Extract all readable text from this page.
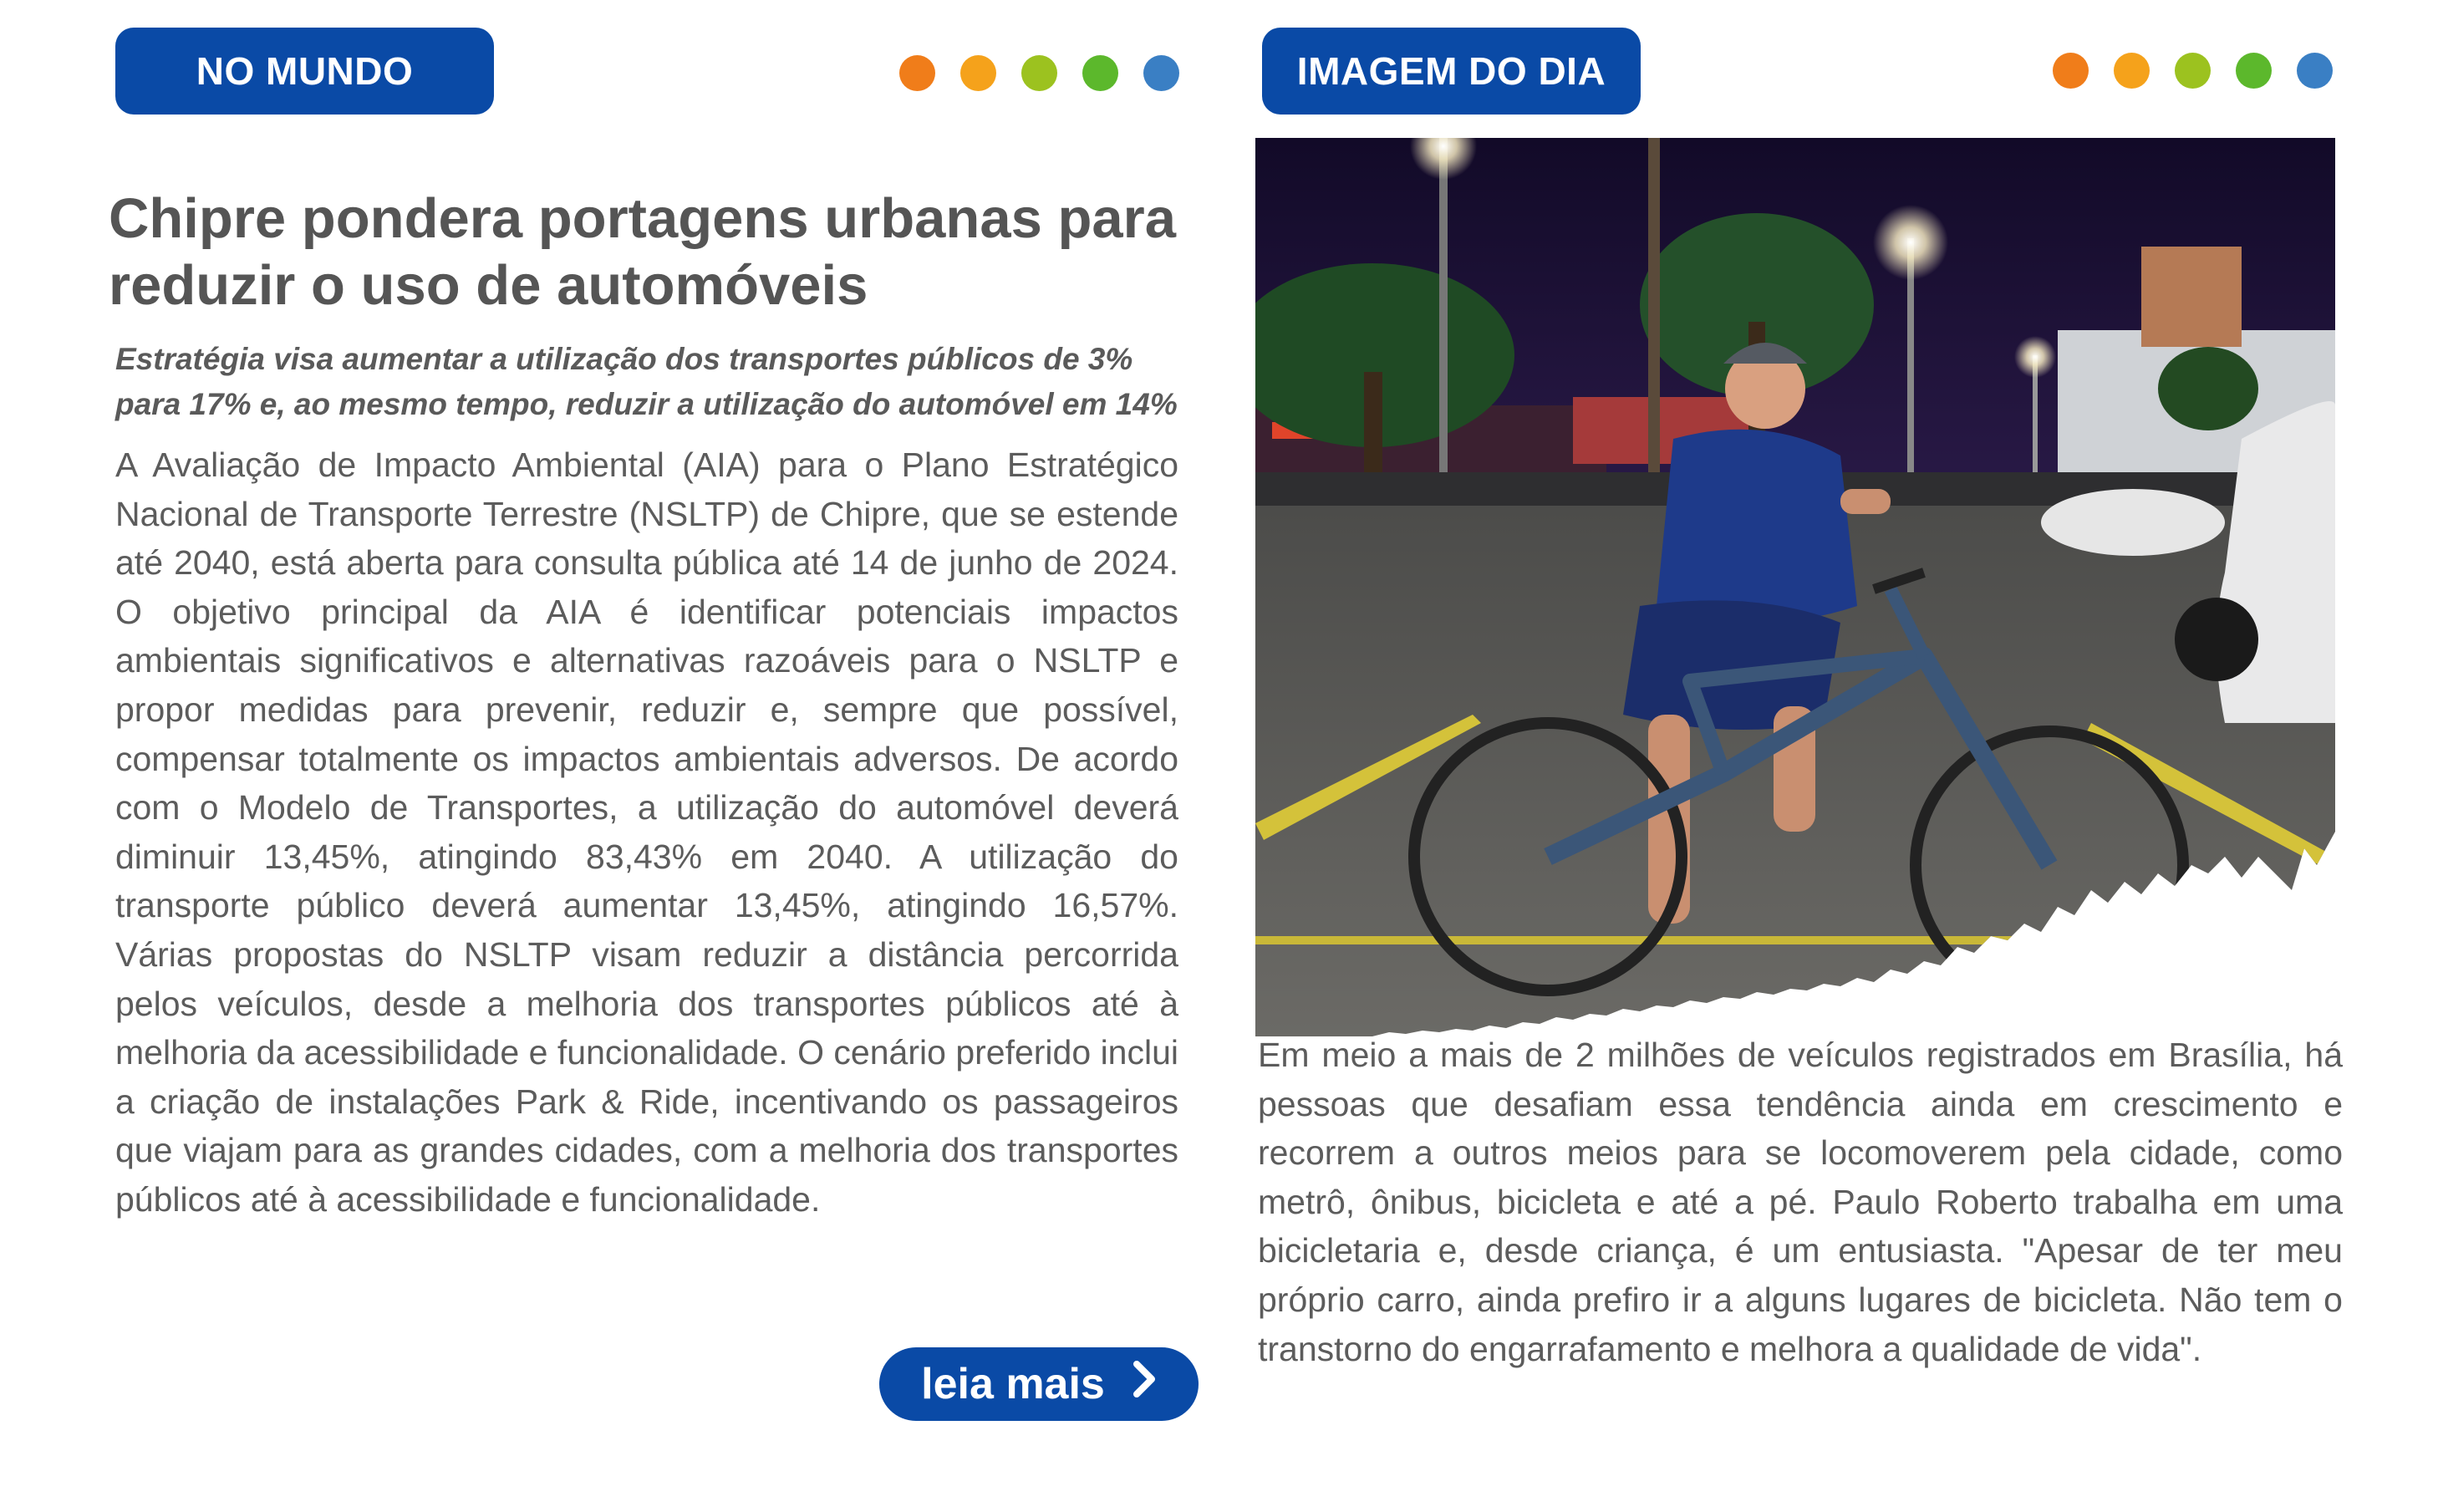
NO MUNDO
Chipre pondera portagens urbanas para reduzir o uso de automóveis

Estratégia visa aumentar a utilização dos transportes públicos de 3% para 17% e, ao mesmo tempo, reduzir a utilização do automóvel em 14%

A Avaliação de Impacto Ambiental (AIA) para o Plano Estratégico Nacional de Transporte Terrestre (NSLTP) de Chipre, que se estende até 2040, está aberta para consulta pública até 14 de junho de 2024. O objetivo principal da AIA é identificar potenciais impactos ambientais significativos e alternativas razoáveis para o NSLTP e propor medidas para prevenir, reduzir e, sempre que possível, compensar totalmente os impactos ambientais adversos. De acordo com o Modelo de Transportes, a utilização do automóvel deverá diminuir 13,45%, atingindo 83,43% em 2040. A utilização do transporte público deverá aumentar 13,45%, atingindo 16,57%. Várias propostas do NSLTP visam reduzir a distância percorrida pelos veículos, desde a melhoria dos transportes públicos até à melhoria da acessibilidade e funcionalidade. O cenário preferido inclui a criação de instalações Park & Ride, incentivando os passageiros que viajam para as grandes cidades, com a melhoria dos transportes públicos até à acessibilidade e funcionalidade.

leia mais
IMAGEM DO DIA

Em meio a mais de 2 milhões de veículos registrados em Brasília, há pessoas que desafiam essa tendência ainda em crescimento e recorrem a outros meios para se locomoverem pela cidade, como metrô, ônibus, bicicleta e até a pé. Paulo Roberto trabalha em uma bicicletaria e, desde criança, é um entusiasta. "Apesar de ter meu próprio carro, ainda prefiro ir a alguns lugares de bicicleta. Não tem o transtorno do engarrafamento e melhora a qualidade de vida".
